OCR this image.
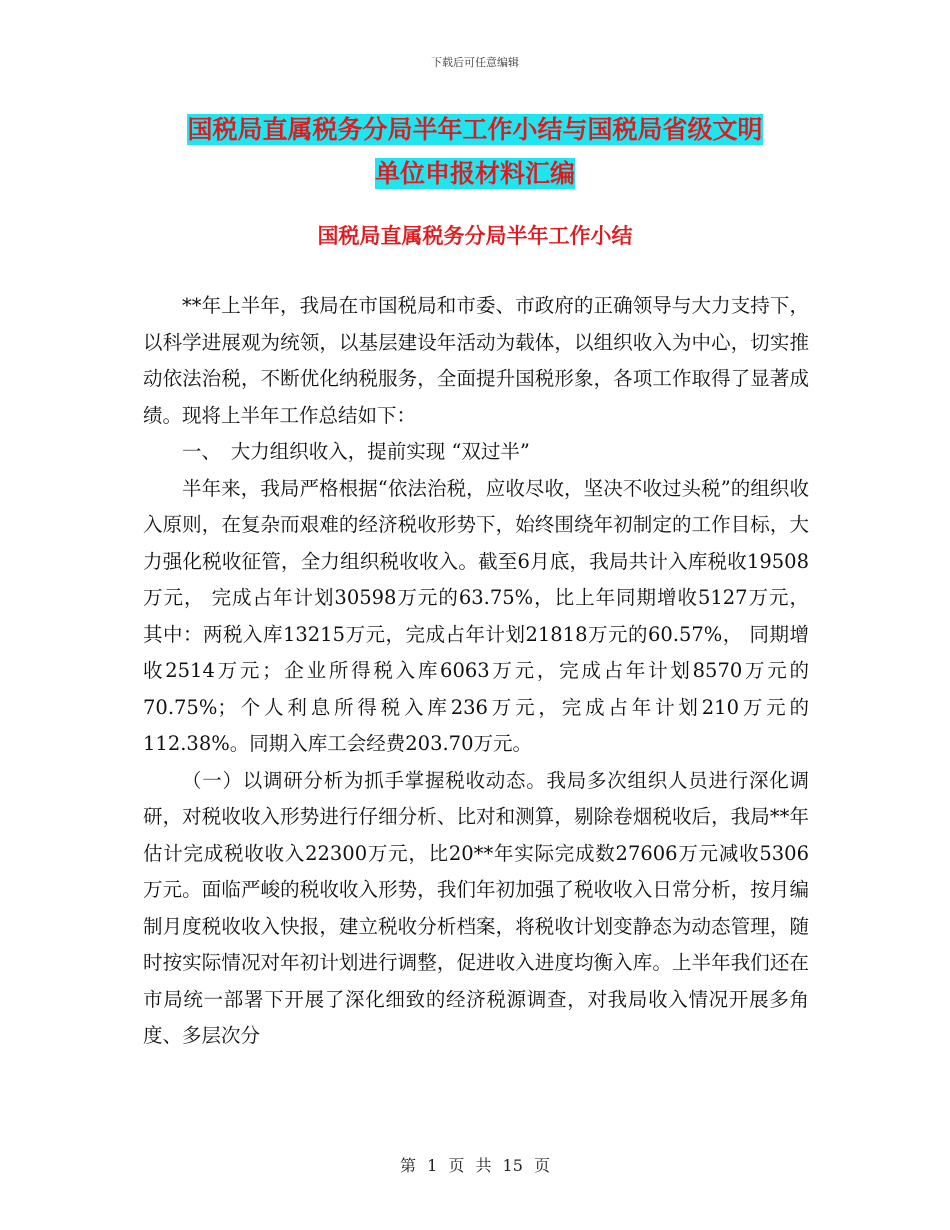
下载后可任意编辑
国税局直属税务分局半年工作小结与国税局省级文明
单位申报材料汇编
国税局直属税务分局半年工作小结

**年上半年，我局在市国税局和市委、市政府的正确领导与大力支持下，以科学进展观为统领，以基层建设年活动为载体，以组织收入为中心，切实推动依法治税，不断优化纳税服务，全面提升国税形象，各项工作取得了显著成绩。现将上半年工作总结如下：

一、　大力组织收入，提前实现 “双过半”

半年来，我局严格根据“依法治税，应收尽收，坚决不收过头税”的组织收入原则，在复杂而艰难的经济税收形势下，始终围绕年初制定的工作目标，大力强化税收征管，全力组织税收收入。截至6月底，我局共计入库税收19508万元， 完成占年计划30598万元的63.75%，比上年同期增收5127万元， 其中：两税入库13215万元，完成占年计划21818万元的60.57%， 同期增收2514万元；企业所得税入库6063万元，完成占年计划8570万元的70.75%；个人利息所得税入库236万元，完成占年计划210万元的112.38%。同期入库工会经费203.70万元。

（一）以调研分析为抓手掌握税收动态。我局多次组织人员进行深化调研，对税收收入形势进行仔细分析、比对和测算，剔除卷烟税收后，我局**年估计完成税收收入22300万元，比20**年实际完成数27606万元减收5306万元。面临严峻的税收收入形势，我们年初加强了税收收入日常分析，按月编制月度税收收入快报，建立税收分析档案，将税收计划变静态为动态管理，随时按实际情况对年初计划进行调整，促进收入进度均衡入库。上半年我们还在市局统一部署下开展了深化细致的经济税源调查，对我局收入情况开展多角度、多层次分

第 1 页 共 15 页
